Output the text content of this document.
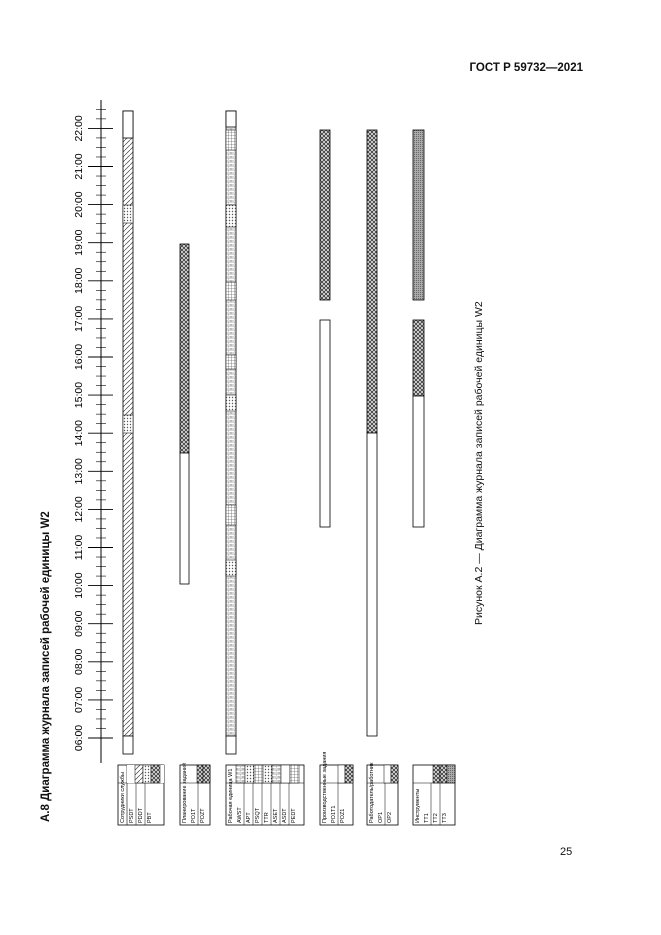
ГОСТ Р 59732—2021
А.8 Диаграмма журнала записей рабочей единицы W2
Рисунок А.2 — Диаграмма журнала записей рабочей единицы W2
25
06:00
07:00
08:00
09:00
10:00
11:00
12:00
13:00
14:00
15:00
16:00
17:00
18:00
19:00
20:00
21:00
22:00
Сотрудники службы PSDT PDDT PBT	Планирование заданий PO1T POZT	Рабочая единица W1 AWST APT PSQT TTR ASET ASDT PEDT	Производственные задания PO1T1 POZ1	Работодатель/работник OP1 OP2	Инструменты TT1 TT2 TT3
